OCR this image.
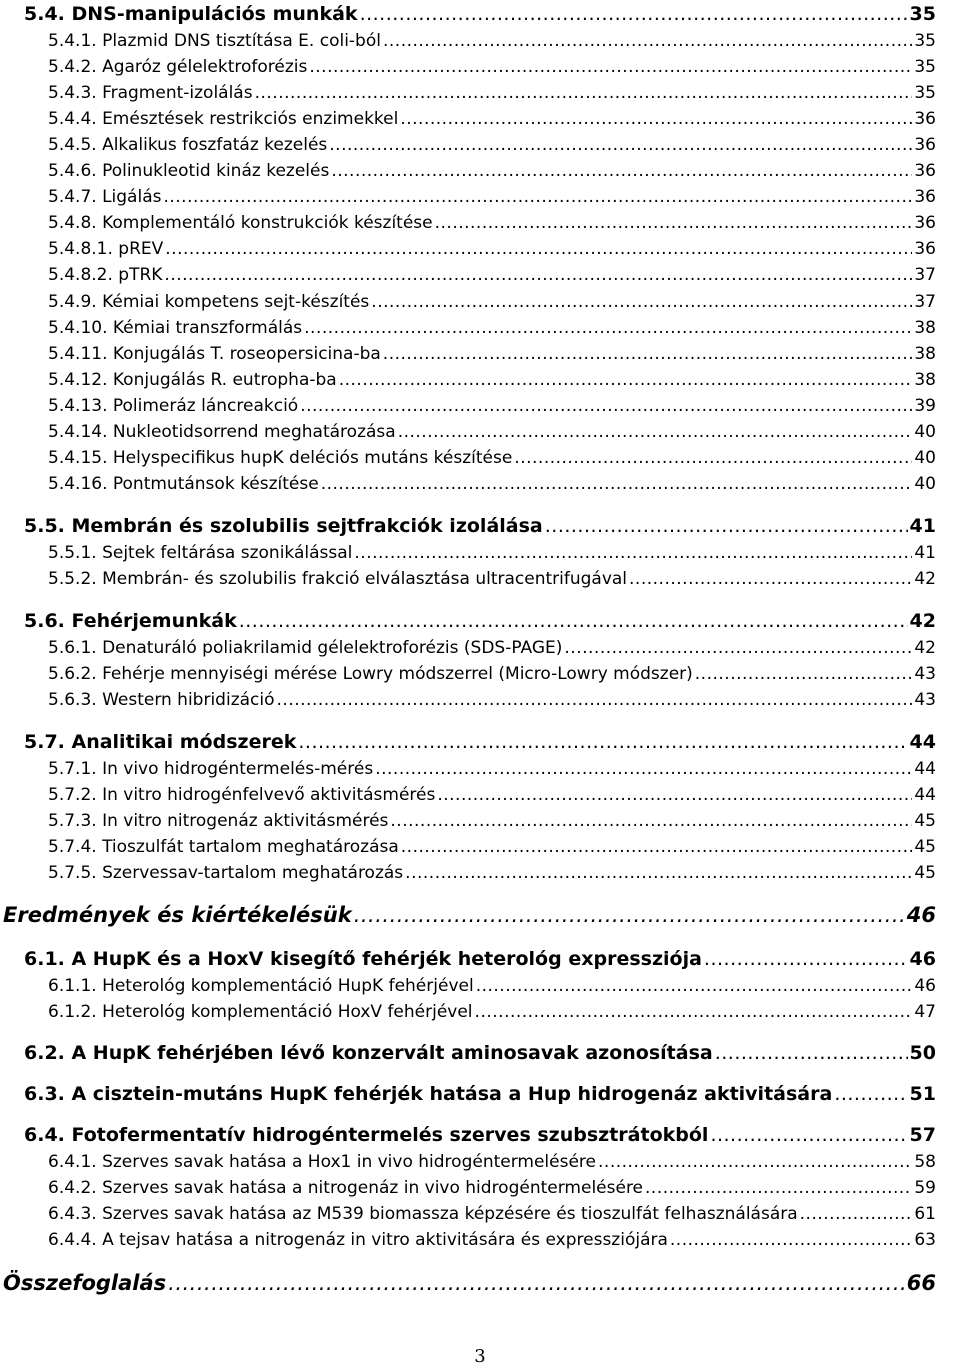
5.4. DNS-manipulációs munkák .....	35
5.4.1. Plazmid DNS tisztítása E. coli-ból .....	35
5.4.2. Agaróz gélelektroforézis .....	35
5.4.3. Fragment-izolálás .....	35
5.4.4. Emésztések restrikciós enzimekkel .....	36
5.4.5. Alkalikus foszfatáz kezelés .....	36
5.4.6. Polinukleotid kináz kezelés .....	36
5.4.7. Ligálás .....	36
5.4.8. Komplementáló konstrukciók készítése .....	36
5.4.8.1. pREV .....	36
5.4.8.2. pTRK .....	37
5.4.9. Kémiai kompetens sejt-készítés .....	37
5.4.10. Kémiai transzformálás .....	38
5.4.11. Konjugálás T. roseopersicina-ba .....	38
5.4.12. Konjugálás R. eutropha-ba .....	38
5.4.13. Polimeráz láncreakció .....	39
5.4.14. Nukleotidsorrend meghatározása .....	40
5.4.15. Helyspecifikus hupK deléciós mutáns készítése .....	40
5.4.16. Pontmutánsok készítése .....	40
5.5. Membrán és szolubilis sejtfrakciók izolálása .....	41
5.5.1. Sejtek feltárása szonikálással .....	41
5.5.2. Membrán- és szolubilis frakció elválasztása ultracentrifugával .....	42
5.6. Fehérjemunkák .....	42
5.6.1. Denaturáló poliakrilamid gélelektroforézis (SDS-PAGE) .....	42
5.6.2. Fehérje mennyiségi mérése Lowry módszerrel (Micro-Lowry módszer) .....	43
5.6.3. Western hibridizáció .....	43
5.7. Analitikai módszerek .....	44
5.7.1. In vivo hidrogéntermelés-mérés .....	44
5.7.2. In vitro hidrogénfelvevő aktivitásmérés .....	44
5.7.3. In vitro nitrogenáz aktivitásmérés .....	45
5.7.4. Tioszulfát tartalom meghatározása .....	45
5.7.5. Szervessav-tartalom meghatározás .....	45
Eredmények és kiértékelésük .....	46
6.1. A HupK és a HoxV kisegítő fehérjék heterológ expressziója .....	46
6.1.1. Heterológ komplementáció HupK fehérjével .....	46
6.1.2. Heterológ komplementáció HoxV fehérjével .....	47
6.2. A HupK fehérjében lévő konzervált aminosavak azonosítása .....	50
6.3. A cisztein-mutáns HupK fehérjék hatása a Hup hidrogenáz aktivitására .....	51
6.4. Fotofermentatív hidrogéntermelés szerves szubsztrátokból .....	57
6.4.1. Szerves savak hatása a Hox1 in vivo hidrogéntermelésére .....	58
6.4.2. Szerves savak hatása a nitrogenáz in vivo hidrogéntermelésére .....	59
6.4.3. Szerves savak hatása az M539 biomassza képzésére és tioszulfát felhasználására .....	61
6.4.4. A tejsav hatása a nitrogenáz in vitro aktivitására és expressziójára .....	63
Összefoglalás .....	66
3
